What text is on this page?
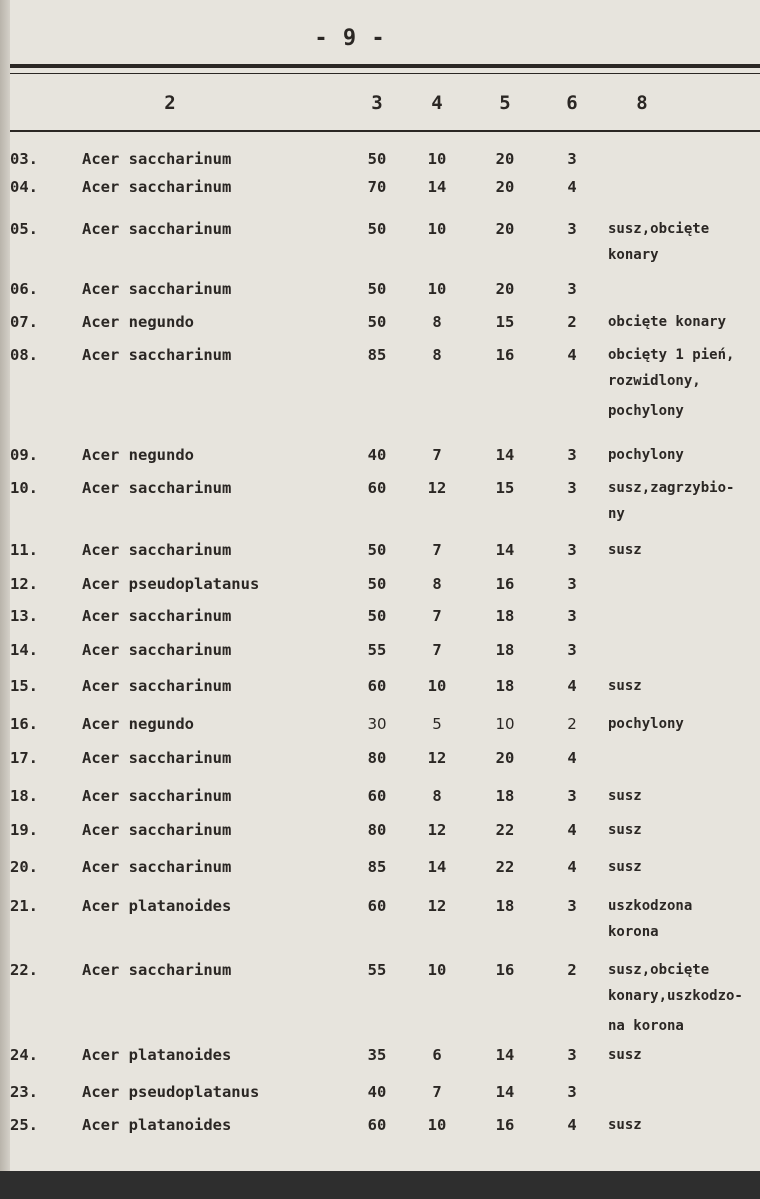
- 9 -
2	3	4	5	6	8
03.	Acer saccharinum	50	10	20	3
04.	Acer saccharinum	70	14	20	4
05.	Acer saccharinum	50	10	20	3	susz,obcięte
konary
06.	Acer saccharinum	50	10	20	3
07.	Acer negundo	50	8	15	2	obcięte konary
08.	Acer saccharinum	85	8	16	4	obcięty 1 pień,
rozwidlony,
pochylony
09.	Acer negundo	40	7	14	3	pochylony
10.	Acer saccharinum	60	12	15	3	susz,zagrzybio-
ny
11.	Acer saccharinum	50	7	14	3	susz
12.	Acer pseudoplatanus	50	8	16	3
13.	Acer saccharinum	50	7	18	3
14.	Acer saccharinum	55	7	18	3
15.	Acer saccharinum	60	10	18	4	susz
16.	Acer negundo	30	5	10	2	pochylony
17.	Acer saccharinum	80	12	20	4
18.	Acer saccharinum	60	8	18	3	susz
19.	Acer saccharinum	80	12	22	4	susz
20.	Acer saccharinum	85	14	22	4	susz
21.	Acer platanoides	60	12	18	3	uszkodzona
korona
22.	Acer saccharinum	55	10	16	2	susz,obcięte
konary,uszkodzo-
na korona
24.	Acer platanoides	35	6	14	3	susz
23.	Acer pseudoplatanus	40	7	14	3
25.	Acer platanoides	60	10	16	4	susz
